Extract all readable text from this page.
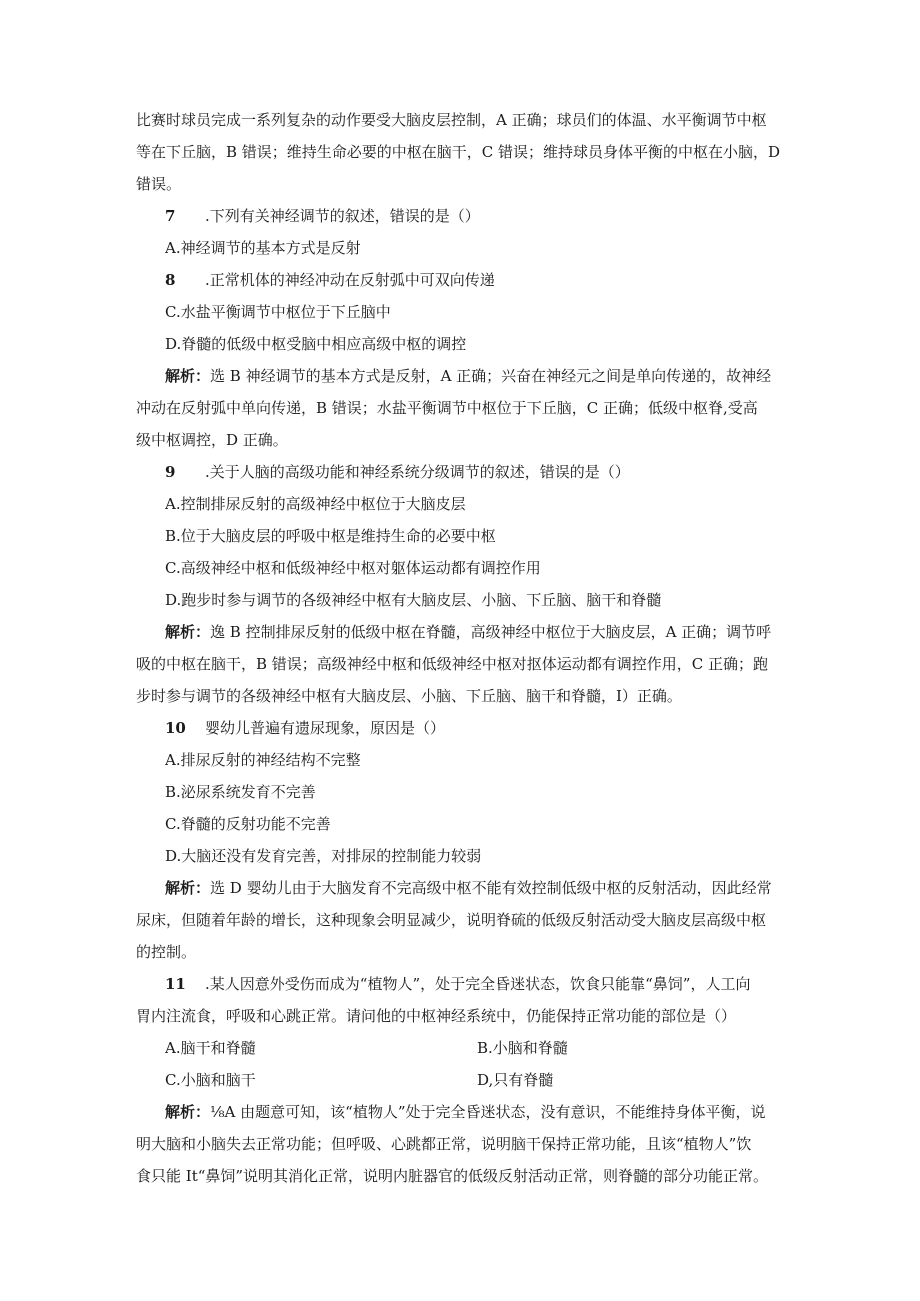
比赛时球员完成一系列复杂的动作要受大脑皮层控制，A 正确；球员们的体温、水平衡调节中枢
等在下丘脑，B 错误；维持生命必要的中枢在脑干，C 错误；维持球员身体平衡的中枢在小脑，D
错误。
7 .下列有关神经调节的叙述，错误的是（）
A.神经调节的基本方式是反射
8 .正常机体的神经冲动在反射弧中可双向传递
C.水盐平衡调节中枢位于下丘脑中
D.脊髓的低级中枢受脑中相应高级中枢的调控
解析：选 B 神经调节的基本方式是反射，A 正确；兴奋在神经元之间是单向传递的，故神经
冲动在反射弧中单向传递，B 错误；水盐平衡调节中枢位于下丘脑，C 正确；低级中枢脊,受高
级中枢调控，D 正确。
9 .关于人脑的高级功能和神经系统分级调节的叙述，错误的是（）
A.控制排尿反射的高级神经中枢位于大脑皮层
B.位于大脑皮层的呼吸中枢是维持生命的必要中枢
C.高级神经中枢和低级神经中枢对躯体运动都有调控作用
D.跑步时参与调节的各级神经中枢有大脑皮层、小脑、下丘脑、脑干和脊髓
解析：逸 B 控制排尿反射的低级中枢在脊髓，高级神经中枢位于大脑皮层，A 正确；调节呼
吸的中枢在脑干，B 错误；高级神经中枢和低级神经中枢对抠体运动都有调控作用，C 正确；跑
步时参与调节的各级神经中枢有大脑皮层、小脑、下丘脑、脑干和脊髓，I）正确。
10 婴幼儿普遍有遗尿现象，原因是（）
A.排尿反射的神经结构不完整
B.泌尿系统发育不完善
C.脊髓的反射功能不完善
D.大脑还没有发育完善，对排尿的控制能力较弱
解析：选 D 婴幼儿由于大脑发育不完高级中枢不能有效控制低级中枢的反射活动，因此经常
尿床，但随着年龄的增长，这种现象会明显减少，说明脊硫的低级反射活动受大脑皮层高级中枢
的控制。
11 .某人因意外受伤而成为“植物人”，处于完全昏迷状态，饮食只能靠“鼻饲”，人工向
胃内注流食，呼吸和心跳正常。请问他的中枢神经系统中，仍能保持正常功能的部位是（）
A.脑干和脊髓	B.小脑和脊髓
C.小脑和脑干	D,只有脊髓
解析：⅛A 由题意可知，该“植物人”处于完全昏迷状态，没有意识，不能维持身体平衡，说
明大脑和小脑失去正常功能；但呼吸、心跳都正常，说明脑干保持正常功能，且该“植物人”饮
食只能 It“鼻饲”说明其消化正常，说明内脏器官的低级反射活动正常，则脊髓的部分功能正常。
